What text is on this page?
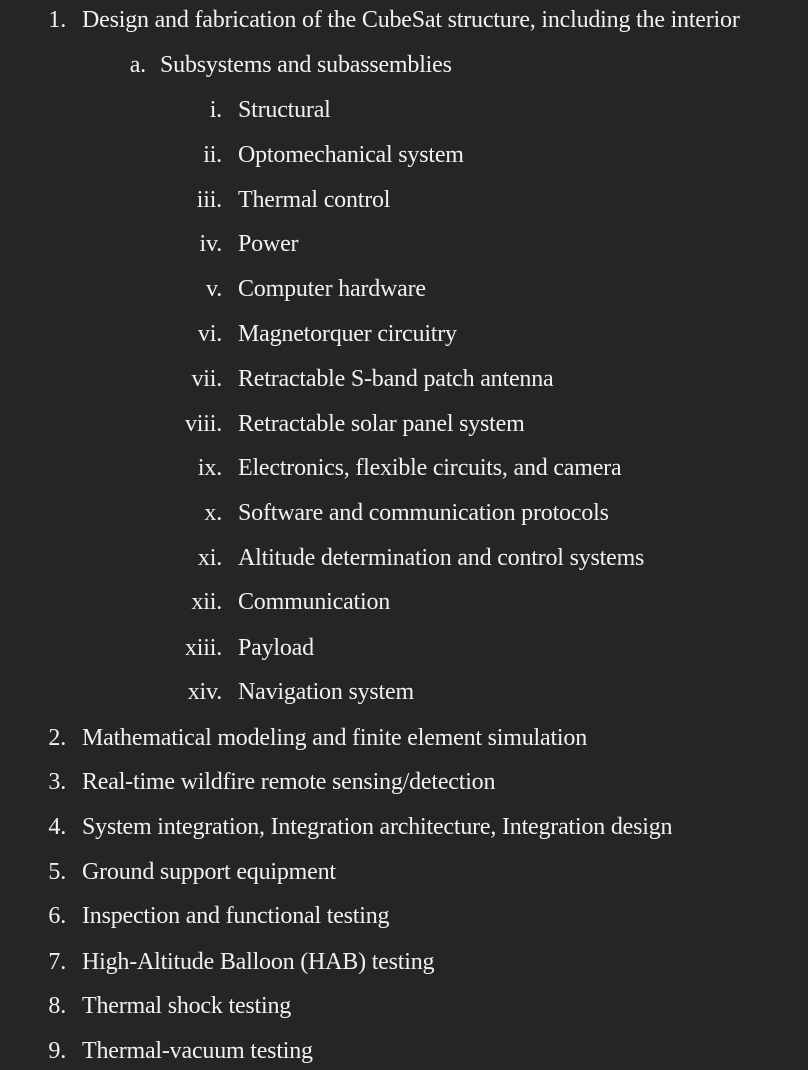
1. Design and fabrication of the CubeSat structure, including the interior
a. Subsystems and subassemblies
i. Structural
ii. Optomechanical system
iii. Thermal control
iv. Power
v. Computer hardware
vi. Magnetorquer circuitry
vii. Retractable S-band patch antenna
viii. Retractable solar panel system
ix. Electronics, flexible circuits, and camera
x. Software and communication protocols
xi. Altitude determination and control systems
xii. Communication
xiii. Payload
xiv. Navigation system
2. Mathematical modeling and finite element simulation
3. Real-time wildfire remote sensing/detection
4. System integration, Integration architecture, Integration design
5. Ground support equipment
6. Inspection and functional testing
7. High-Altitude Balloon (HAB) testing
8. Thermal shock testing
9. Thermal-vacuum testing
